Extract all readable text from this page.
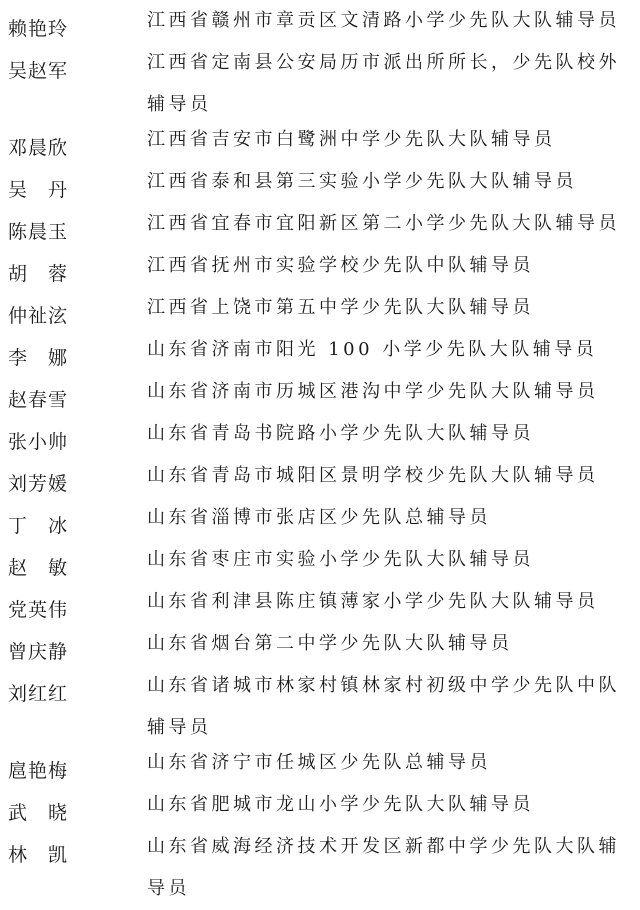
赖艳玲	江西省赣州市章贡区文清路小学少先队大队辅导员
吴赵军	江西省定南县公安局历市派出所所长，少先队校外
辅导员
邓晨欣	江西省吉安市白鹭洲中学少先队大队辅导员
吴　丹	江西省泰和县第三实验小学少先队大队辅导员
陈晨玉	江西省宜春市宜阳新区第二小学少先队大队辅导员
胡　蓉	江西省抚州市实验学校少先队中队辅导员
仲祉泫	江西省上饶市第五中学少先队大队辅导员
李　娜	山东省济南市阳光 100 小学少先队大队辅导员
赵春雪	山东省济南市历城区港沟中学少先队大队辅导员
张小帅	山东省青岛书院路小学少先队大队辅导员
刘芳媛	山东省青岛市城阳区景明学校少先队大队辅导员
丁　冰	山东省淄博市张店区少先队总辅导员
赵　敏	山东省枣庄市实验小学少先队大队辅导员
党英伟	山东省利津县陈庄镇薄家小学少先队大队辅导员
曾庆静	山东省烟台第二中学少先队大队辅导员
刘红红	山东省诸城市林家村镇林家村初级中学少先队中队
辅导员
扈艳梅	山东省济宁市任城区少先队总辅导员
武　晓	山东省肥城市龙山小学少先队大队辅导员
林　凯	山东省威海经济技术开发区新都中学少先队大队辅
导员
